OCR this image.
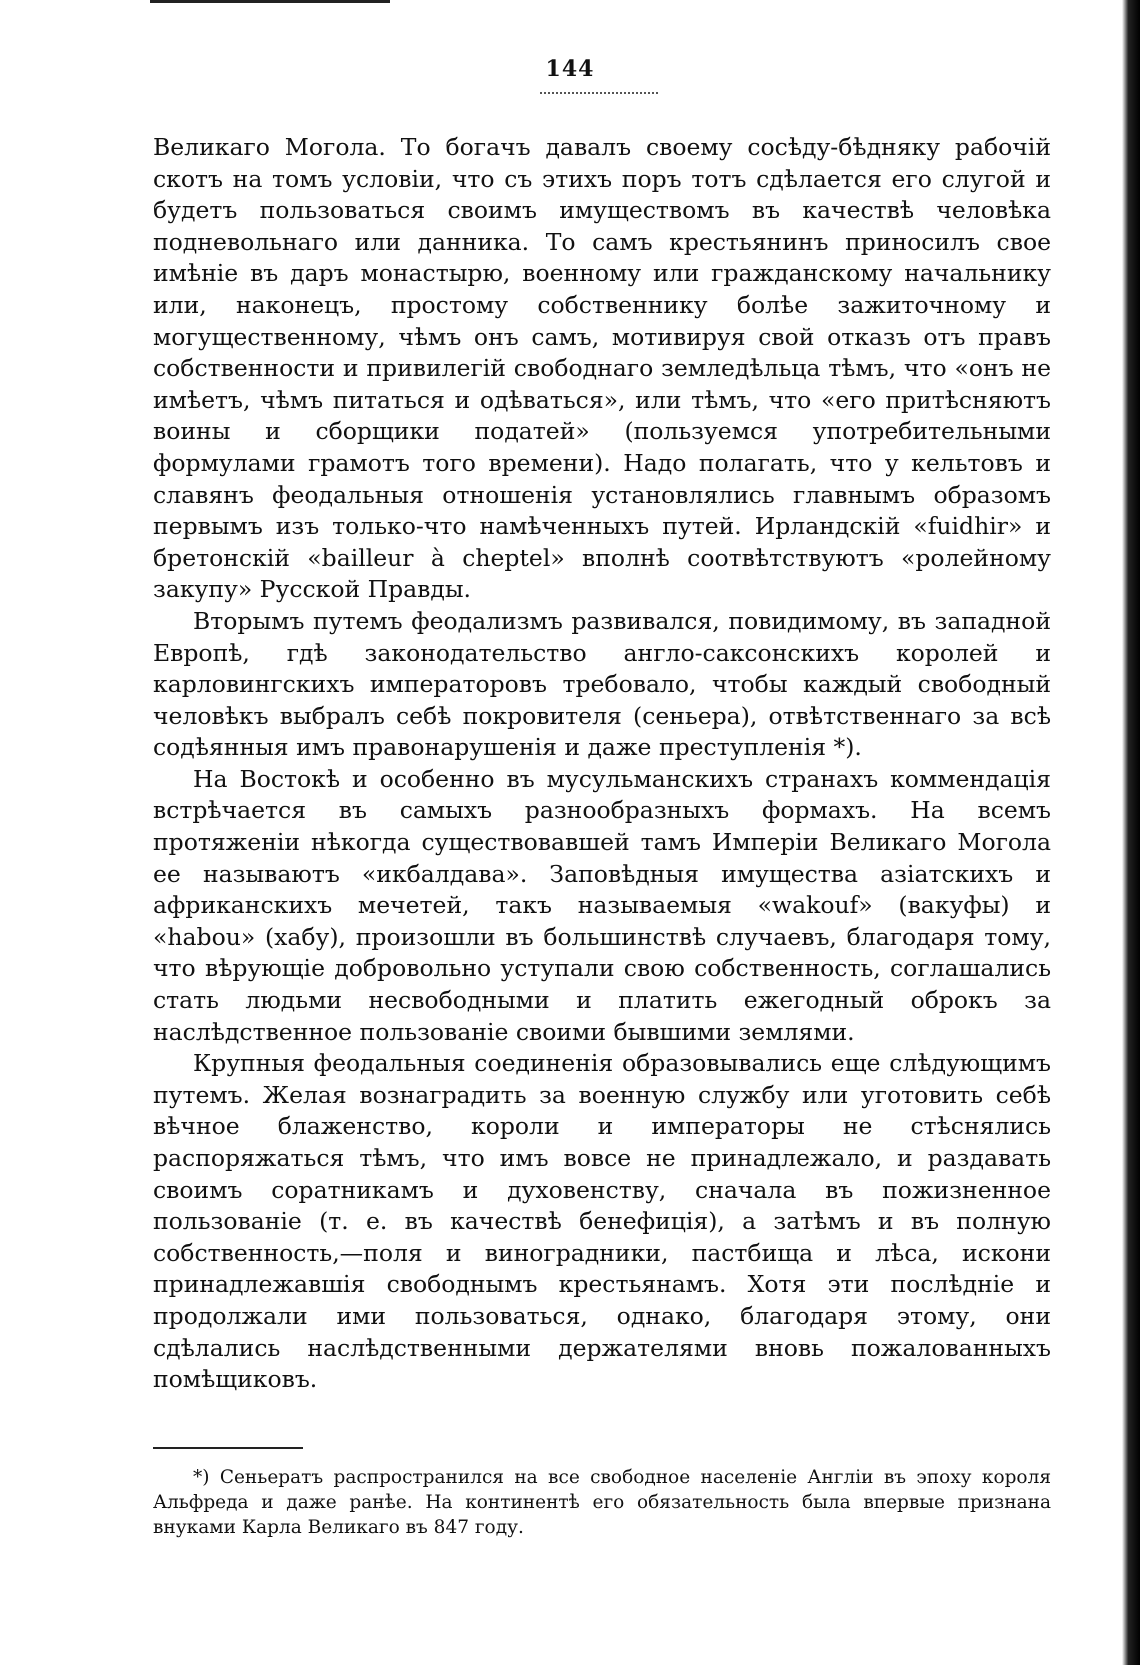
144

Великаго Могола. То богачъ давалъ своему сосѣду-бѣдняку рабочій скотъ на томъ условіи, что съ этихъ поръ тотъ сдѣлается его слугой и будетъ пользоваться своимъ имуществомъ въ качествѣ человѣка подневольнаго или данника. То самъ крестьянинъ приносилъ свое имѣніе въ даръ монастырю, военному или гражданскому начальнику или, наконецъ, простому собственнику болѣе зажиточному и могущественному, чѣмъ онъ самъ, мотивируя свой отказъ отъ правъ собственности и привилегій свободнаго земледѣльца тѣмъ, что «онъ не имѣетъ, чѣмъ питаться и одѣваться», или тѣмъ, что «его притѣсняютъ воины и сборщики податей» (пользуемся употребительными формулами грамотъ того времени). Надо полагать, что у кельтовъ и славянъ феодальныя отношенія установлялись главнымъ образомъ первымъ изъ только-что намѣченныхъ путей. Ирландскій «fuidhir» и бретонскій «bailleur à cheptel» вполнѣ соотвѣтствуютъ «ролейному закупу» Русской Правды.

Вторымъ путемъ феодализмъ развивался, повидимому, въ западной Европѣ, гдѣ законодательство англо-саксонскихъ королей и карловингскихъ императоровъ требовало, чтобы каждый свободный человѣкъ выбралъ себѣ покровителя (сеньера), отвѣтственнаго за всѣ содѣянныя имъ правонарушенія и даже преступленія *).

На Востокѣ и особенно въ мусульманскихъ странахъ коммендація встрѣчается въ самыхъ разнообразныхъ формахъ. На всемъ протяженіи нѣкогда существовавшей тамъ Имперіи Великаго Могола ее называютъ «икбалдава». Заповѣдныя имущества азіатскихъ и африканскихъ мечетей, такъ называемыя «wakouf» (вакуфы) и «habou» (хабу), произошли въ большинствѣ случаевъ, благодаря тому, что вѣрующіе добровольно уступали свою собственность, соглашались стать людьми несвободными и платить ежегодный оброкъ за наслѣдственное пользованіе своими бывшими землями.

Крупныя феодальныя соединенія образовывались еще слѣдующимъ путемъ. Желая вознаградить за военную службу или уготовить себѣ вѣчное блаженство, короли и императоры не стѣснялись распоряжаться тѣмъ, что имъ вовсе не принадлежало, и раздавать своимъ соратникамъ и духовенству, сначала въ пожизненное пользованіе (т. е. въ качествѣ бенефиція), а затѣмъ и въ полную собственность,—поля и виноградники, пастбища и лѣса, искони принадлежавшія свободнымъ крестьянамъ. Хотя эти послѣдніе и продолжали ими пользоваться, однако, благодаря этому, они сдѣлались наслѣдственными держателями вновь пожалованныхъ помѣщиковъ.

*) Сеньератъ распространился на все свободное населеніе Англіи въ эпоху короля Альфреда и даже ранѣе. На континентѣ его обязательность была впервые признана внуками Карла Великаго въ 847 году.
